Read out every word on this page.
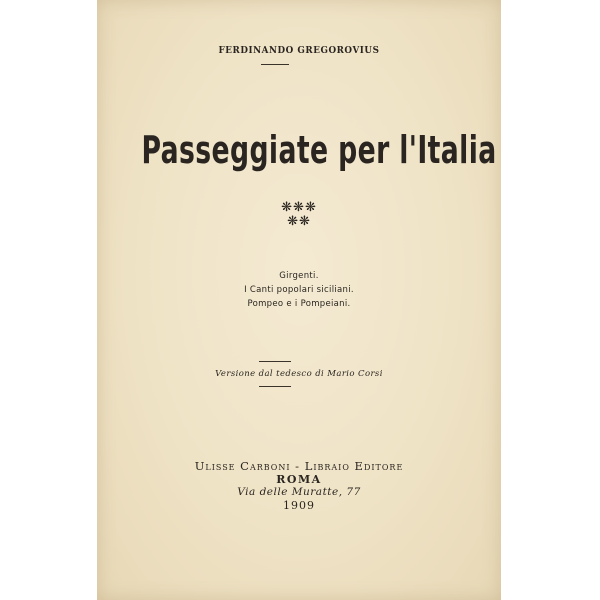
FERDINANDO GREGOROVIUS
Passeggiate per l'Italia
❋❋❋
❋❋
Girgenti.
I Canti popolari siciliani.
Pompeo e i Pompeiani.
Versione dal tedesco di Mario Corsi
Ulisse Carboni - Libraio Editore
ROMA
Via delle Muratte, 77
1909
